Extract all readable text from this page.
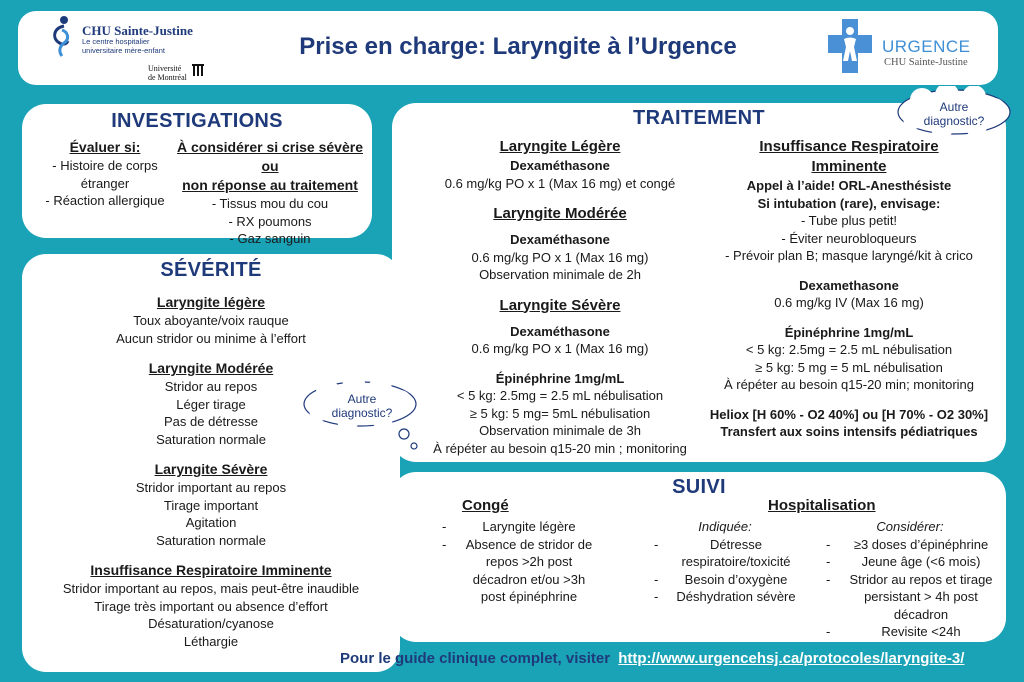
CHU Sainte-Justine
Le centre hospitalier
universitaire mère-enfant
Université
de Montréal
Prise en charge: Laryngite à l’Urgence	URGENCE
CHU Sainte-Justine
INVESTIGATIONS
Évaluer si:
- Histoire de corps
étranger
- Réaction allergique
À considérer si crise sévère ou
non réponse au traitement
- Tissus mou du cou
- RX poumons
- Gaz sanguin
SÉVÉRITÉ
Laryngite légère
Toux aboyante/voix rauque
Aucun stridor ou minime à l’effort
Laryngite Modérée
Stridor au repos
Léger tirage
Pas de détresse
Saturation normale
Laryngite Sévère
Stridor important au repos
Tirage important
Agitation
Saturation normale
Insuffisance Respiratoire Imminente
Stridor important au repos, mais peut-être inaudible
Tirage très important ou absence d’effort
Désaturation/cyanose
Léthargie
TRAITEMENT
Laryngite Légère
Dexaméthasone
0.6 mg/kg PO x 1 (Max 16 mg) et congé
Laryngite Modérée
Dexaméthasone
0.6 mg/kg PO x 1 (Max 16 mg)
Observation minimale de 2h
Laryngite Sévère
Dexaméthasone
0.6 mg/kg PO x 1 (Max 16 mg)
Épinéphrine 1mg/mL
< 5 kg: 2.5mg = 2.5 mL nébulisation
≥ 5 kg: 5 mg= 5mL nébulisation
Observation minimale de 3h
À répéter au besoin q15-20 min ; monitoring
Insuffisance Respiratoire
Imminente
Appel à l’aide! ORL-Anesthésiste
Si intubation (rare), envisage:
- Tube plus petit!
- Éviter neurobloqueurs
- Prévoir plan B; masque laryngé/kit à crico
Dexamethasone
0.6 mg/kg IV (Max 16 mg)
Épinéphrine 1mg/mL
< 5 kg: 2.5mg = 2.5 mL nébulisation
≥ 5 kg: 5 mg = 5 mL nébulisation
À répéter au besoin q15-20 min; monitoring
Heliox [H 60% - O2 40%] ou [H 70% - O2 30%]
Transfert aux soins intensifs pédiatriques
SUIVI
Congé	Hospitalisation
- Laryngite légère
- Absence de stridor de repos >2h post décadron et/ou >3h post épinéphrine
Indiquée:
- Détresse respiratoire/toxicité
- Besoin d’oxygène
- Déshydration sévère
Considérer:
- ≥3 doses d’épinéphrine
- Jeune âge (<6 mois)
- Stridor au repos et tirage persistant > 4h post décadron
- Revisite <24h
Autre
diagnostic?
Autre
diagnostic?
Pour le guide clinique complet, visiter http://www.urgencehsj.ca/protocoles/laryngite-3/
